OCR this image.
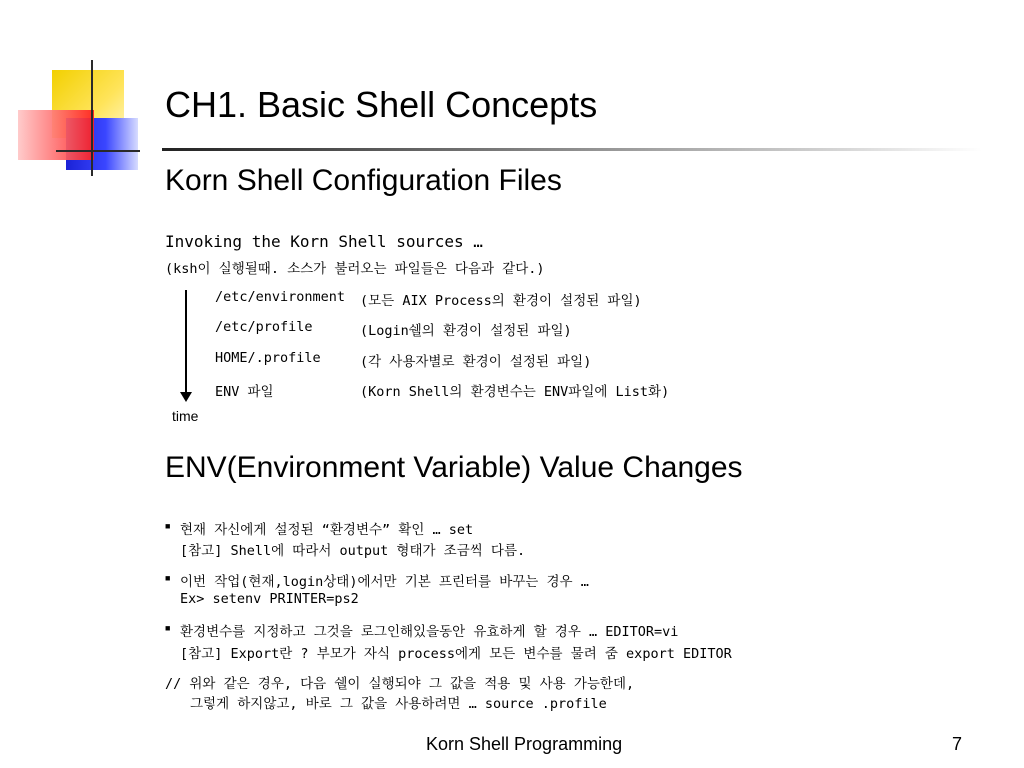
CH1. Basic Shell Concepts
Korn Shell Configuration Files
Invoking the Korn Shell sources …
(ksh이 실행될때. 소스가 불러오는 파일들은 다음과 같다.)
time
/etc/environment (모든 AIX Process의 환경이 설정된 파일)
/etc/profile	(Login쉘의 환경이 설정된 파일)
HOME/.profile	(각 사용자별로 환경이 설정된 파일)
ENV 파일	(Korn Shell의 환경변수는 ENV파일에 List화)
ENV(Environment Variable) Value Changes
■ 현재 자신에게 설정된 “환경변수” 확인 … set
[참고] Shell에 따라서 output 형태가 조금씩 다름.
■ 이번 작업(현재,login상태)에서만 기본 프린터를 바꾸는 경우 …
Ex> setenv PRINTER=ps2
■ 환경변수를 지정하고 그것을 로그인해있을동안 유효하게 할 경우 … EDITOR=vi
[참고] Export란 ? 부모가 자식 process에게 모든 변수를 물려 줌 export EDITOR
// 위와 같은 경우, 다음 쉘이 실행되야 그 값을 적용 및 사용 가능한데,
그렇게 하지않고, 바로 그 값을 사용하려면 … source .profile
Korn Shell Programming	7
